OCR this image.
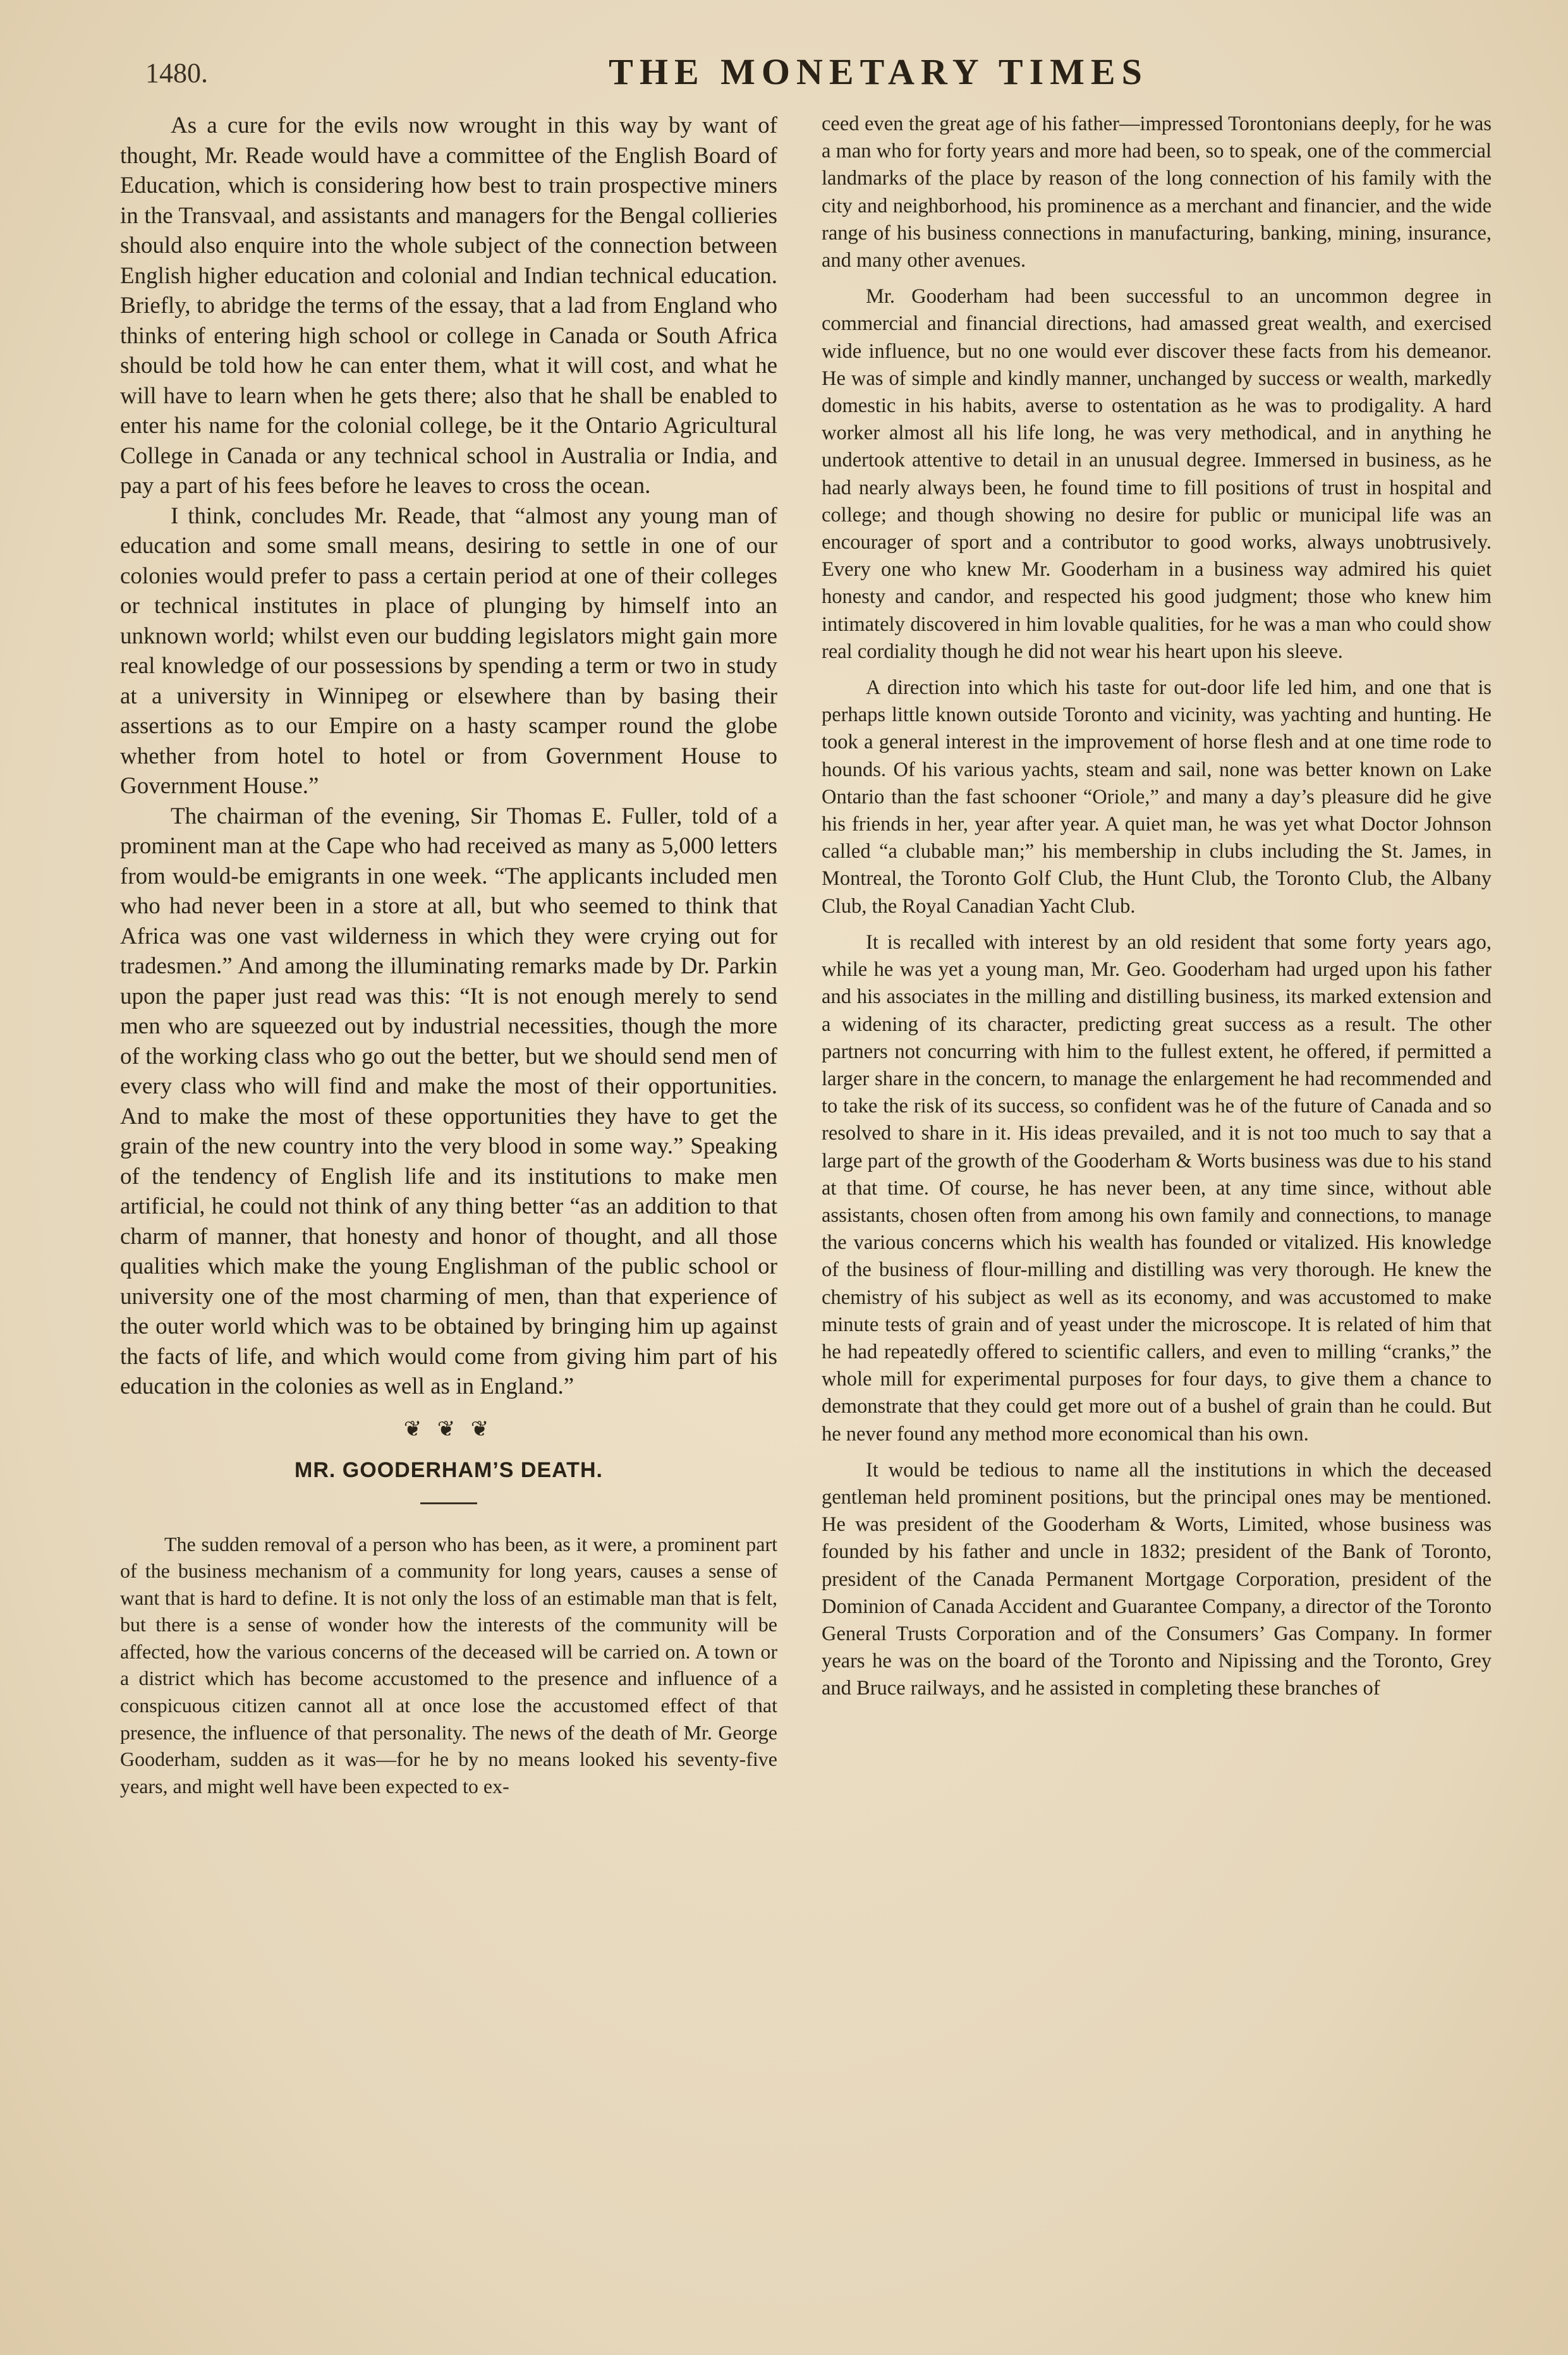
1480.	THE MONETARY TIMES

As a cure for the evils now wrought in this way by want of thought, Mr. Reade would have a committee of the English Board of Education, which is considering how best to train prospective miners in the Transvaal, and assistants and managers for the Bengal collieries should also enquire into the whole subject of the connection between English higher education and colonial and Indian technical education. Briefly, to abridge the terms of the essay, that a lad from England who thinks of entering high school or college in Canada or South Africa should be told how he can enter them, what it will cost, and what he will have to learn when he gets there; also that he shall be enabled to enter his name for the colonial college, be it the Ontario Agricultural College in Canada or any technical school in Australia or India, and pay a part of his fees before he leaves to cross the ocean.

I think, concludes Mr. Reade, that “almost any young man of education and some small means, desiring to settle in one of our colonies would prefer to pass a certain period at one of their colleges or technical institutes in place of plunging by himself into an unknown world; whilst even our budding legislators might gain more real knowledge of our possessions by spending a term or two in study at a university in Winnipeg or elsewhere than by basing their assertions as to our Empire on a hasty scamper round the globe whether from hotel to hotel or from Government House to Government House.”

The chairman of the evening, Sir Thomas E. Fuller, told of a prominent man at the Cape who had received as many as 5,000 letters from would-be emigrants in one week. “The applicants included men who had never been in a store at all, but who seemed to think that Africa was one vast wilderness in which they were crying out for tradesmen.” And among the illuminating remarks made by Dr. Parkin upon the paper just read was this: “It is not enough merely to send men who are squeezed out by industrial necessities, though the more of the working class who go out the better, but we should send men of every class who will find and make the most of their opportunities. And to make the most of these opportunities they have to get the grain of the new country into the very blood in some way.” Speaking of the tendency of English life and its institutions to make men artificial, he could not think of any thing better “as an addition to that charm of manner, that honesty and honor of thought, and all those qualities which make the young Englishman of the public school or university one of the most charming of men, than that experience of the outer world which was to be obtained by bringing him up against the facts of life, and which would come from giving him part of his education in the colonies as well as in England.”

❦ ❦ ❦
MR. GOODERHAM’S DEATH.

The sudden removal of a person who has been, as it were, a prominent part of the business mechanism of a community for long years, causes a sense of want that is hard to define. It is not only the loss of an estimable man that is felt, but there is a sense of wonder how the interests of the community will be affected, how the various concerns of the deceased will be carried on. A town or a district which has become accustomed to the presence and influence of a conspicuous citizen cannot all at once lose the accustomed effect of that presence, the influence of that personality. The news of the death of Mr. George Gooderham, sudden as it was—for he by no means looked his seventy-five years, and might well have been expected to ex-

ceed even the great age of his father—impressed Torontonians deeply, for he was a man who for forty years and more had been, so to speak, one of the commercial landmarks of the place by reason of the long connection of his family with the city and neighborhood, his prominence as a merchant and financier, and the wide range of his business connections in manufacturing, banking, mining, insurance, and many other avenues.

Mr. Gooderham had been successful to an uncommon degree in commercial and financial directions, had amassed great wealth, and exercised wide influence, but no one would ever discover these facts from his demeanor. He was of simple and kindly manner, unchanged by success or wealth, markedly domestic in his habits, averse to ostentation as he was to prodigality. A hard worker almost all his life long, he was very methodical, and in anything he undertook attentive to detail in an unusual degree. Immersed in business, as he had nearly always been, he found time to fill positions of trust in hospital and college; and though showing no desire for public or municipal life was an encourager of sport and a contributor to good works, always unobtrusively. Every one who knew Mr. Gooderham in a business way admired his quiet honesty and candor, and respected his good judgment; those who knew him intimately discovered in him lovable qualities, for he was a man who could show real cordiality though he did not wear his heart upon his sleeve.

A direction into which his taste for out-door life led him, and one that is perhaps little known outside Toronto and vicinity, was yachting and hunting. He took a general interest in the improvement of horse flesh and at one time rode to hounds. Of his various yachts, steam and sail, none was better known on Lake Ontario than the fast schooner “Oriole,” and many a day’s pleasure did he give his friends in her, year after year. A quiet man, he was yet what Doctor Johnson called “a clubable man;” his membership in clubs including the St. James, in Montreal, the Toronto Golf Club, the Hunt Club, the Toronto Club, the Albany Club, the Royal Canadian Yacht Club.

It is recalled with interest by an old resident that some forty years ago, while he was yet a young man, Mr. Geo. Gooderham had urged upon his father and his associates in the milling and distilling business, its marked extension and a widening of its character, predicting great success as a result. The other partners not concurring with him to the fullest extent, he offered, if permitted a larger share in the concern, to manage the enlargement he had recommended and to take the risk of its success, so confident was he of the future of Canada and so resolved to share in it. His ideas prevailed, and it is not too much to say that a large part of the growth of the Gooderham & Worts business was due to his stand at that time. Of course, he has never been, at any time since, without able assistants, chosen often from among his own family and connections, to manage the various concerns which his wealth has founded or vitalized. His knowledge of the business of flour-milling and distilling was very thorough. He knew the chemistry of his subject as well as its economy, and was accustomed to make minute tests of grain and of yeast under the microscope. It is related of him that he had repeatedly offered to scientific callers, and even to milling “cranks,” the whole mill for experimental purposes for four days, to give them a chance to demonstrate that they could get more out of a bushel of grain than he could. But he never found any method more economical than his own.

It would be tedious to name all the institutions in which the deceased gentleman held prominent positions, but the principal ones may be mentioned. He was president of the Gooderham & Worts, Limited, whose business was founded by his father and uncle in 1832; president of the Bank of Toronto, president of the Canada Permanent Mortgage Corporation, president of the Dominion of Canada Accident and Guarantee Company, a director of the Toronto General Trusts Corporation and of the Consumers’ Gas Company. In former years he was on the board of the Toronto and Nipissing and the Toronto, Grey and Bruce railways, and he assisted in completing these branches of
